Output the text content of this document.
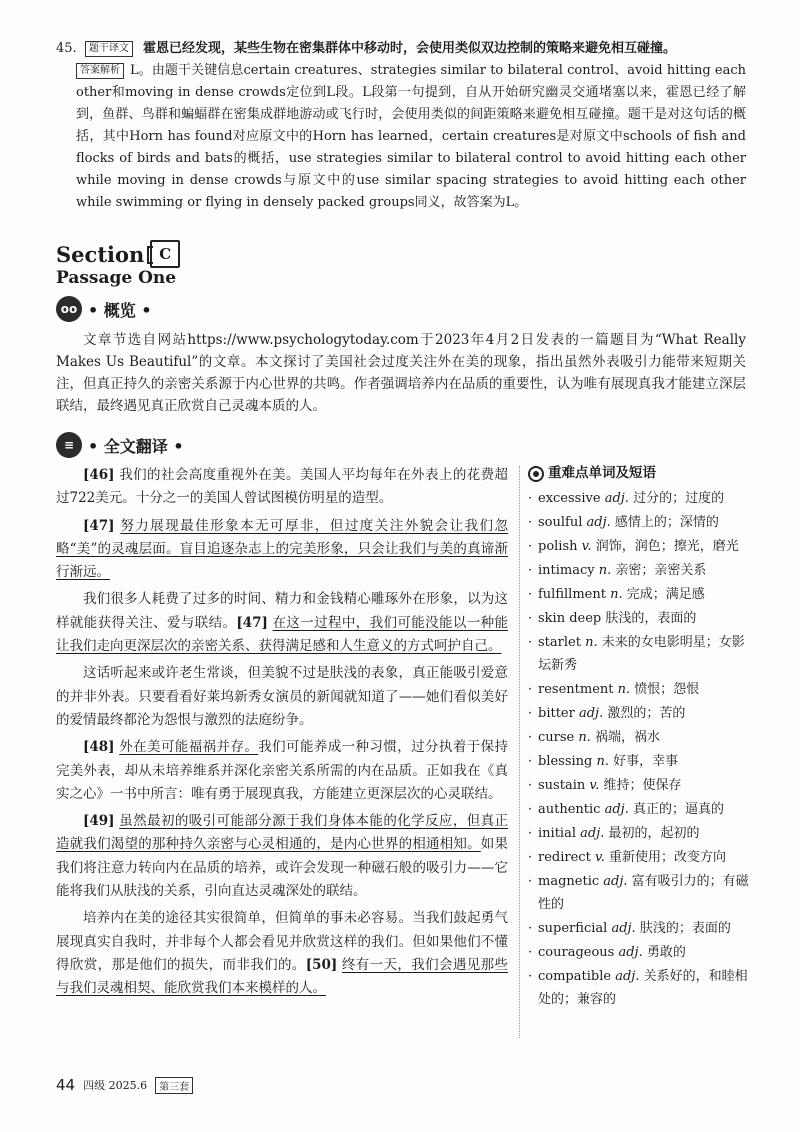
45. 题干译文 霍恩已经发现，某些生物在密集群体中移动时，会使用类似双边控制的策略来避免相互碰撞。
答案解析 L。由题干关键信息certain creatures、strategies similar to bilateral control、avoid hitting each other和moving in dense crowds定位到L段。L段第一句提到，自从开始研究幽灵交通堵塞以来，霍恩已经了解到，鱼群、鸟群和蝙蝠群在密集成群地游动或飞行时，会使用类似的间距策略来避免相互碰撞。题干是对这句话的概括，其中Horn has found对应原文中的Horn has learned，certain creatures是对原文中schools of fish and flocks of birds and bats的概括，use strategies similar to bilateral control to avoid hitting each other while moving in dense crowds与原文中的use similar spacing strategies to avoid hitting each other while swimming or flying in densely packed groups同义，故答案为L。
Section	C
Passage One
oo • 概览 •
文章节选自网站https://www.psychologytoday.com于2023年4月2日发表的一篇题目为“What Really Makes Us Beautiful”的文章。本文探讨了美国社会过度关注外在美的现象，指出虽然外表吸引力能带来短期关注，但真正持久的亲密关系源于内心世界的共鸣。作者强调培养内在品质的重要性，认为唯有展现真我才能建立深层联结，最终遇见真正欣赏自己灵魂本质的人。
≡ • 全文翻译 •

[46] 我们的社会高度重视外在美。美国人平均每年在外表上的花费超过722美元。十分之一的美国人曾试图模仿明星的造型。

[47] 努力展现最佳形象本无可厚非，但过度关注外貌会让我们忽略“美”的灵魂层面。盲目追逐杂志上的完美形象，只会让我们与美的真谛渐行渐远。

我们很多人耗费了过多的时间、精力和金钱精心雕琢外在形象，以为这样就能获得关注、爱与联结。[47] 在这一过程中，我们可能没能以一种能让我们走向更深层次的亲密关系、获得满足感和人生意义的方式呵护自己。

这话听起来或许老生常谈，但美貌不过是肤浅的表象，真正能吸引爱意的并非外表。只要看看好莱坞新秀女演员的新闻就知道了——她们看似美好的爱情最终都沦为怨恨与激烈的法庭纷争。

[48] 外在美可能福祸并存。我们可能养成一种习惯，过分执着于保持完美外表，却从未培养维系并深化亲密关系所需的内在品质。正如我在《真实之心》一书中所言：唯有勇于展现真我，方能建立更深层次的心灵联结。

[49] 虽然最初的吸引可能部分源于我们身体本能的化学反应，但真正造就我们渴望的那种持久亲密与心灵相通的，是内心世界的相通相知。如果我们将注意力转向内在品质的培养，或许会发现一种磁石般的吸引力——它能将我们从肤浅的关系，引向直达灵魂深处的联结。

培养内在美的途径其实很简单，但简单的事未必容易。当我们鼓起勇气展现真实自我时，并非每个人都会看见并欣赏这样的我们。但如果他们不懂得欣赏，那是他们的损失，而非我们的。[50] 终有一天，我们会遇见那些与我们灵魂相契、能欣赏我们本来模样的人。

重难点单词及短语
· excessive adj. 过分的；过度的
· soulful adj. 感情上的；深情的
· polish v. 润饰，润色；擦光，磨光
· intimacy n. 亲密；亲密关系
· fulfillment n. 完成；满足感
· skin deep 肤浅的，表面的
· starlet n. 未来的女电影明星；女影坛新秀
· resentment n. 愤恨；怨恨
· bitter adj. 激烈的；苦的
· curse n. 祸端，祸水
· blessing n. 好事，幸事
· sustain v. 维持；使保存
· authentic adj. 真正的；逼真的
· initial adj. 最初的，起初的
· redirect v. 重新使用；改变方向
· magnetic adj. 富有吸引力的；有磁性的
· superficial adj. 肤浅的；表面的
· courageous adj. 勇敢的
· compatible adj. 关系好的，和睦相处的；兼容的
44 四级 2025.6	第三套
